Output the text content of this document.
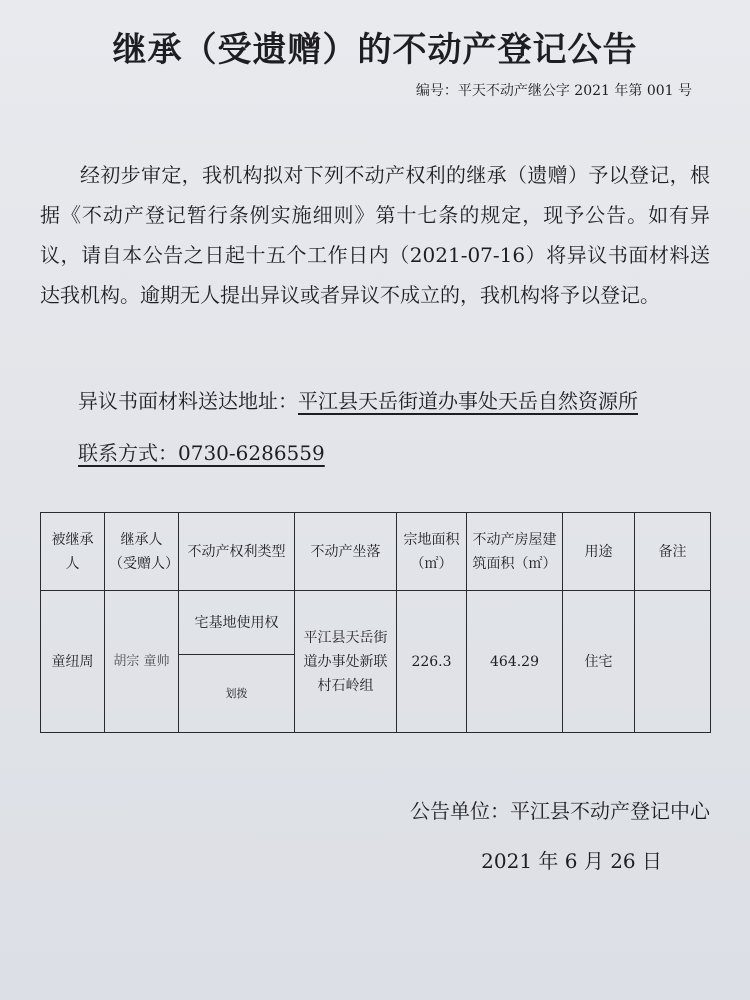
继承（受遗赠）的不动产登记公告
编号：平天不动产继公字 2021 年第 001 号

经初步审定，我机构拟对下列不动产权利的继承（遗赠）予以登记，根据《不动产登记暂行条例实施细则》第十七条的规定，现予公告。如有异议，请自本公告之日起十五个工作日内（2021-07-16）将异议书面材料送达我机构。逾期无人提出异议或者异议不成立的，我机构将予以登记。

异议书面材料送达地址：平江县天岳街道办事处天岳自然资源所
联系方式：0730-6286559
被继承人	继承人（受赠人）	不动产权利类型	不动产坐落	宗地面积（㎡）	不动产房屋建筑面积（㎡）	用途	备注
童纽周	胡宗 童帅	宅基地使用权	平江县天岳街道办事处新联村石岭组	226.3	464.29	住宅	
		划拨					
公告单位：平江县不动产登记中心
2021 年 6 月 26 日
